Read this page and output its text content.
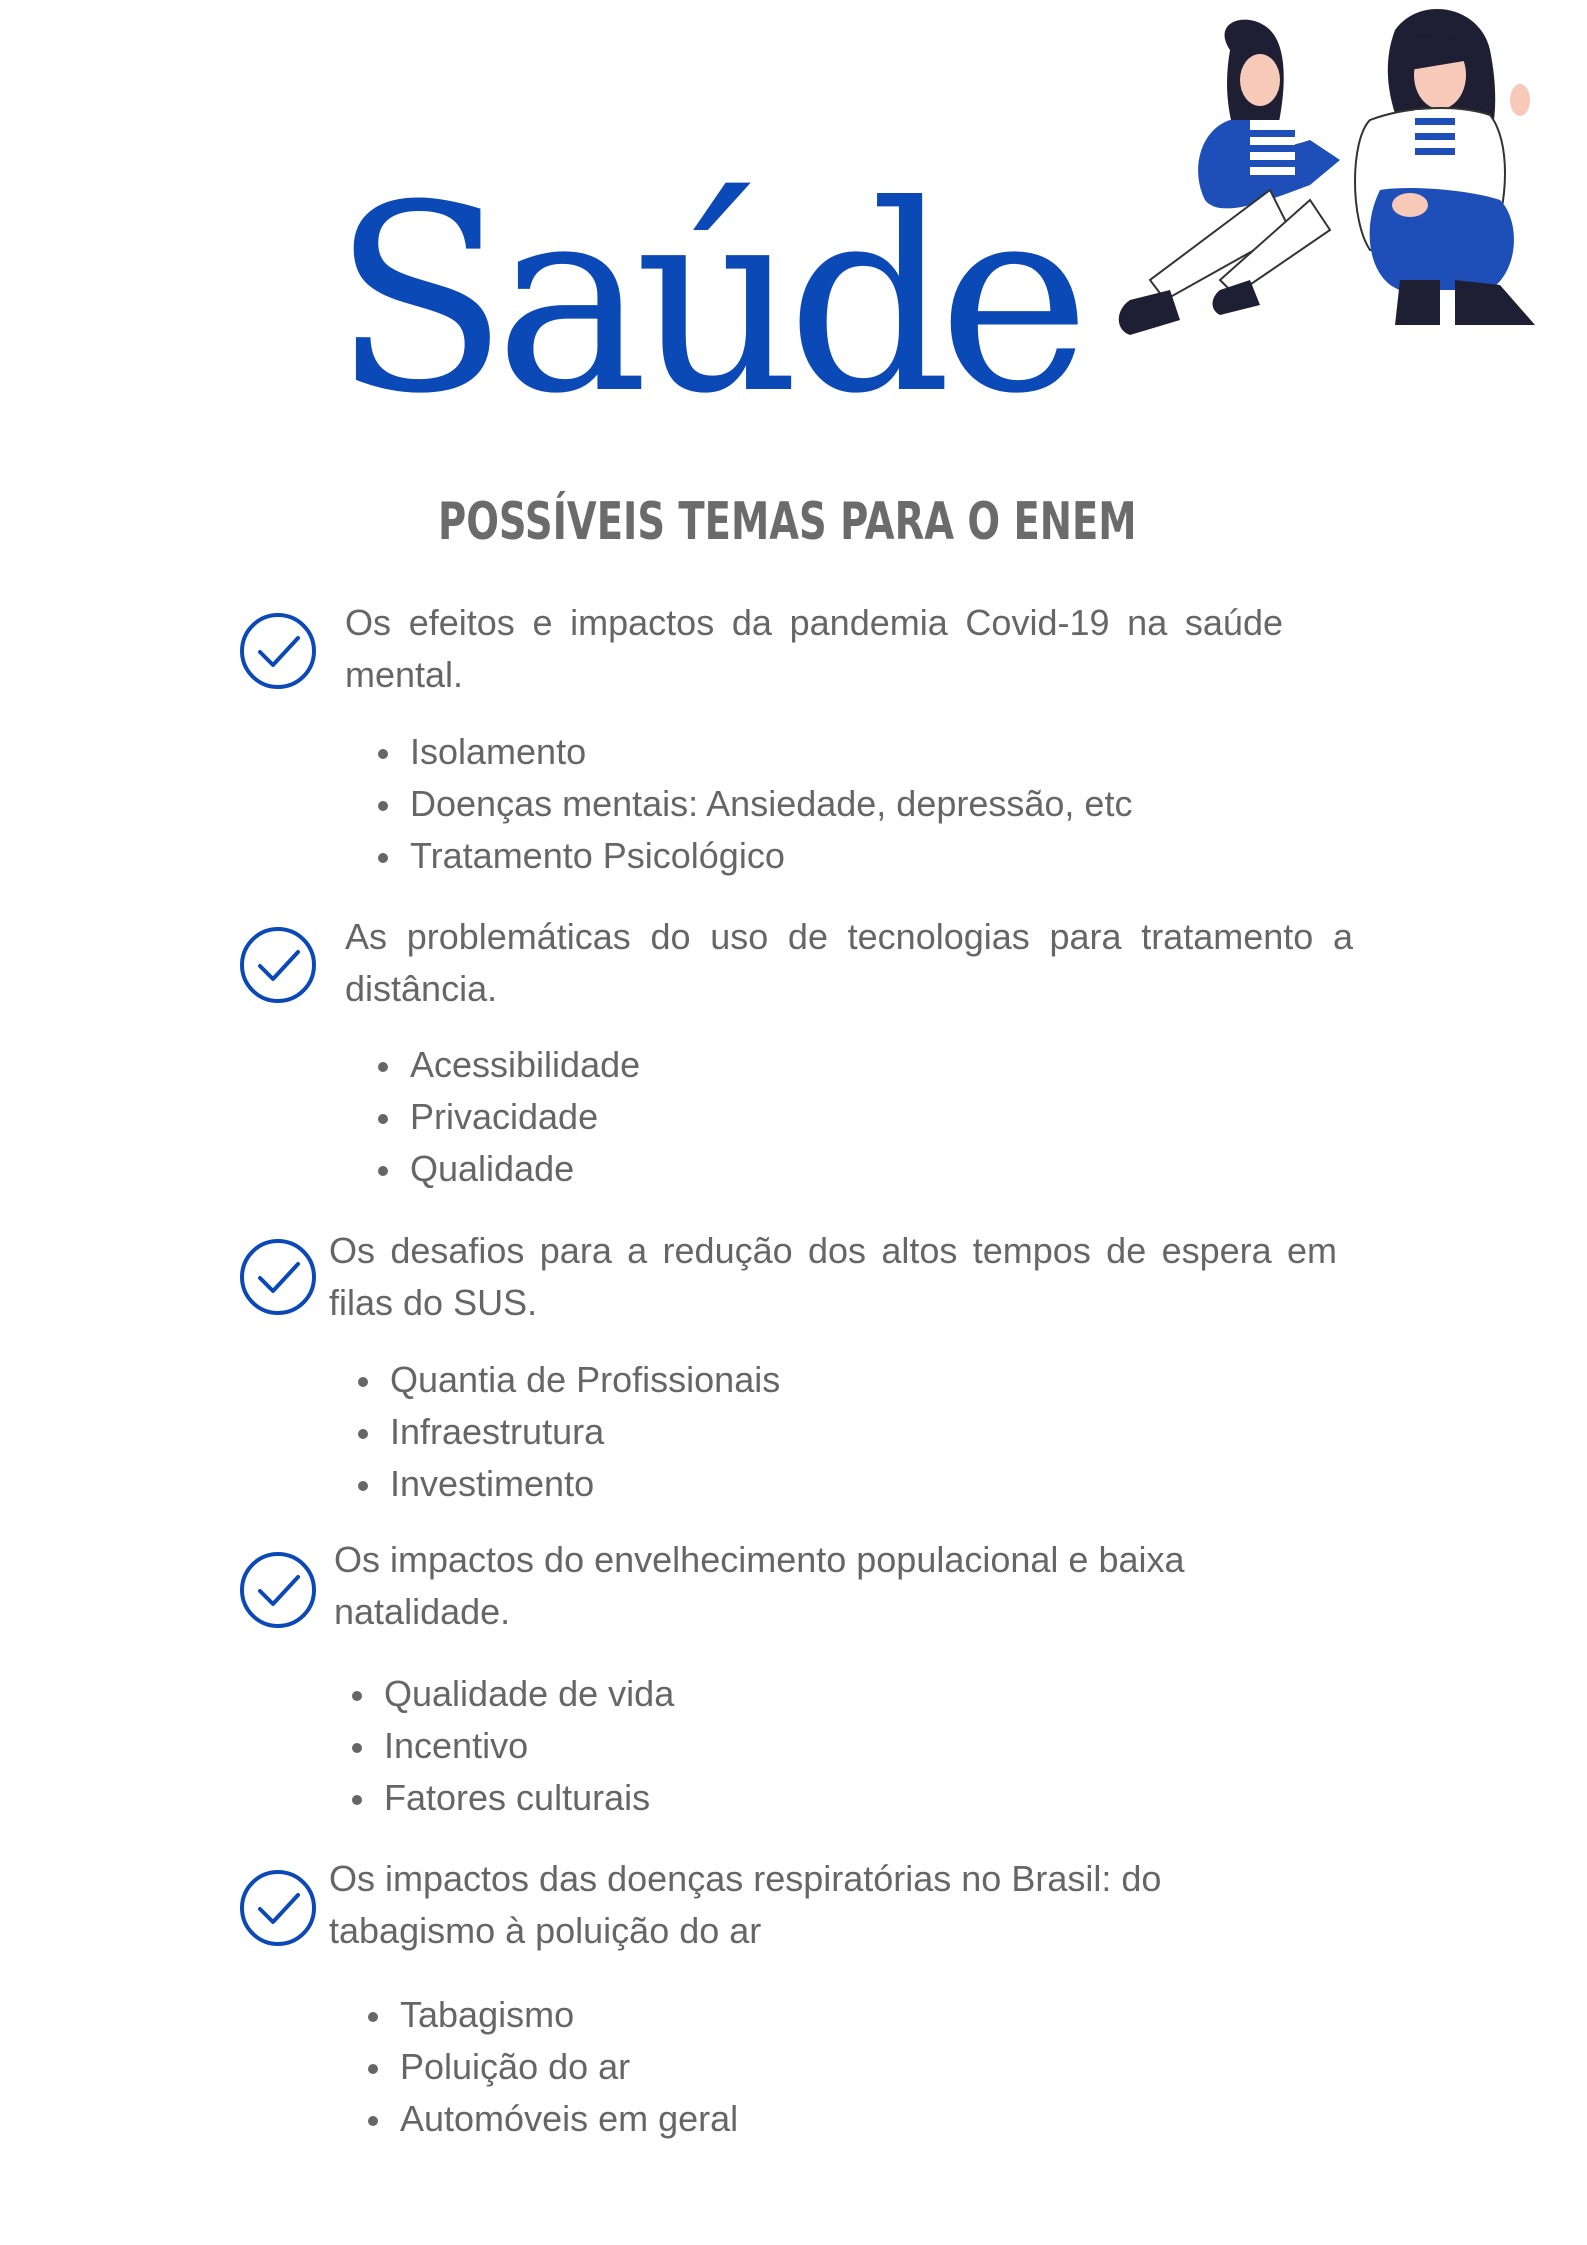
Saúde
POSSÍVEIS TEMAS PARA O ENEM

Os efeitos e impactos da pandemia Covid-19 na saúde mental.

Isolamento
Doenças mentais: Ansiedade, depressão, etc
Tratamento Psicológico

As problemáticas do uso de tecnologias para tratamento a distância.

Acessibilidade
Privacidade
Qualidade

Os desafios para a redução dos altos tempos de espera em filas do SUS.

Quantia de Profissionais
Infraestrutura
Investimento

Os impactos do envelhecimento populacional e baixa natalidade.

Qualidade de vida
Incentivo
Fatores culturais

Os impactos das doenças respiratórias no Brasil: do tabagismo à poluição do ar

Tabagismo
Poluição do ar
Automóveis em geral
